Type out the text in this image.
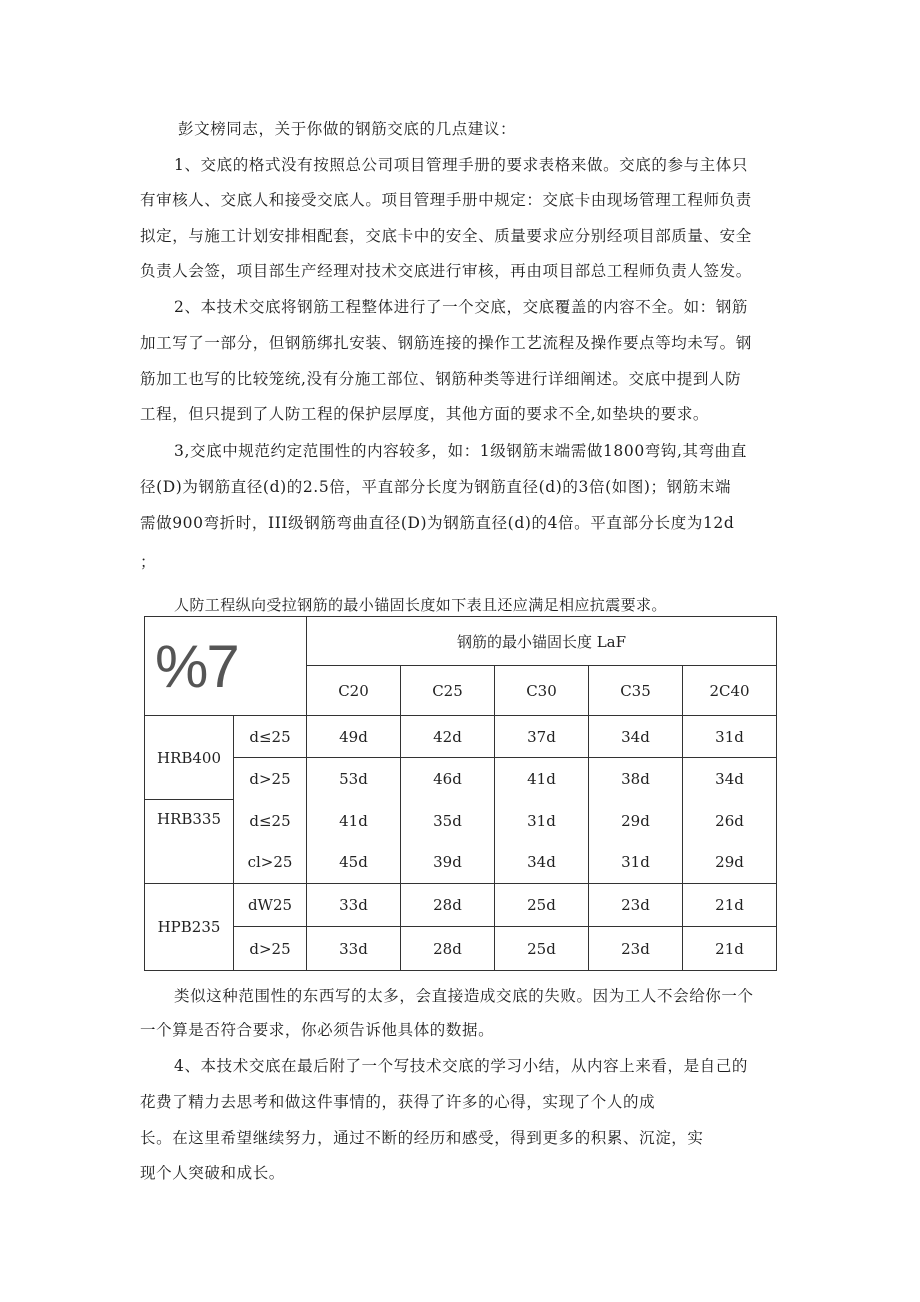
彭文榜同志，关于你做的钢筋交底的几点建议：
1、交底的格式没有按照总公司项目管理手册的要求表格来做。交底的参与主体只
有审核人、交底人和接受交底人。项目管理手册中规定：交底卡由现场管理工程师负责
拟定，与施工计划安排相配套，交底卡中的安全、质量要求应分别经项目部质量、安全
负责人会签，项目部生产经理对技术交底进行审核，再由项目部总工程师负责人签发。
2、本技术交底将钢筋工程整体进行了一个交底，交底覆盖的内容不全。如：钢筋
加工写了一部分，但钢筋绑扎安装、钢筋连接的操作工艺流程及操作要点等均未写。钢
筋加工也写的比较笼统,没有分施工部位、钢筋种类等进行详细阐述。交底中提到人防
工程，但只提到了人防工程的保护层厚度，其他方面的要求不全,如垫块的要求。
3,交底中规范约定范围性的内容较多，如：1级钢筋末端需做1800弯钩,其弯曲直
径(D)为钢筋直径(d)的2.5倍，平直部分长度为钢筋直径(d)的3倍(如图)；钢筋末端
需做900弯折时，III级钢筋弯曲直径(D)为钢筋直径(d)的4倍。平直部分长度为12d
；
人防工程纵向受拉钢筋的最小锚固长度如下表且还应满足相应抗震要求。
%7		钢筋的最小锚固长度 LaF				
		C20	C25	C30	C35	2C40
HRB400	d≤25	49d	42d	37d	34d	31d
	d>25	53d	46d	41d	38d	34d
HRB335	d≤25	41d	35d	31d	29d	26d
	cl>25	45d	39d	34d	31d	29d
HPB235	dW25	33d	28d	25d	23d	21d
	d>25	33d	28d	25d	23d	21d
类似这种范围性的东西写的太多，会直接造成交底的失败。因为工人不会给你一个
一个算是否符合要求，你必须告诉他具体的数据。
4、本技术交底在最后附了一个写技术交底的学习小结，从内容上来看，是自己的
花费了精力去思考和做这件事情的，获得了许多的心得，实现了个人的成
长。在这里希望继续努力，通过不断的经历和感受，得到更多的积累、沉淀，实
现个人突破和成长。
